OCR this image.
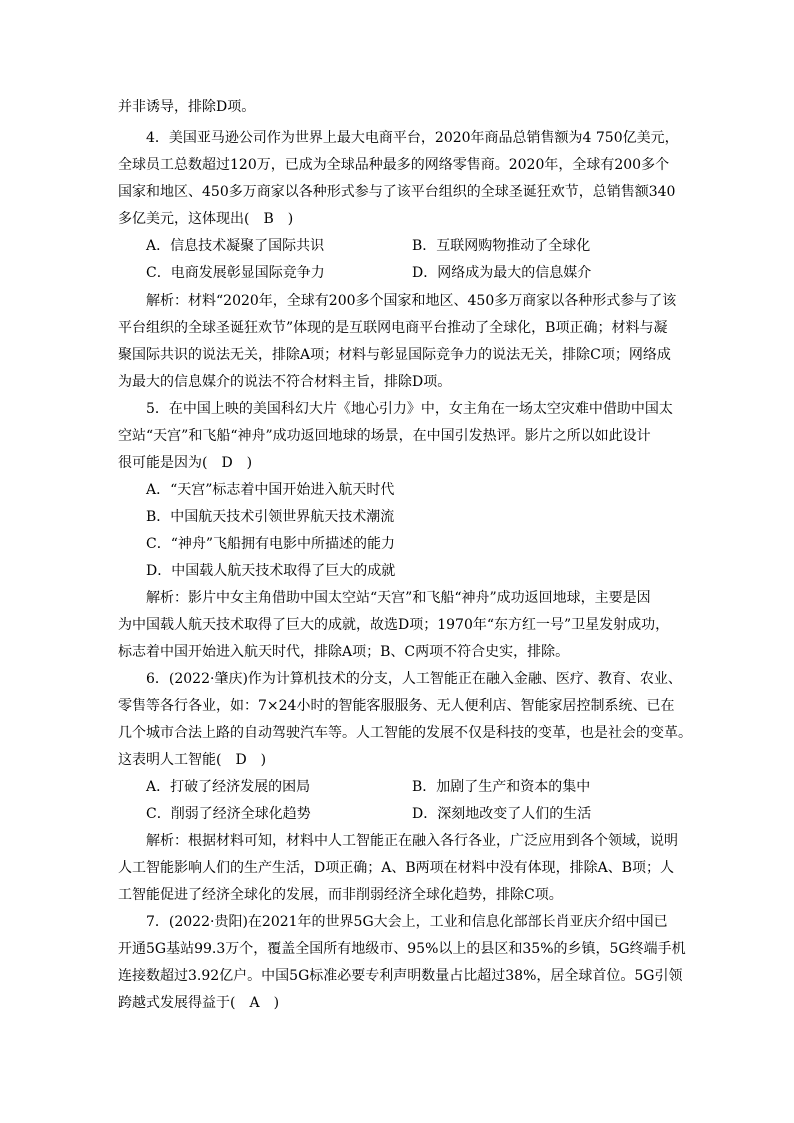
并非诱导，排除D项。
4．美国亚马逊公司作为世界上最大电商平台，2020年商品总销售额为4 750亿美元，
全球员工总数超过120万，已成为全球品种最多的网络零售商。2020年，全球有200多个
国家和地区、450多万商家以各种形式参与了该平台组织的全球圣诞狂欢节，总销售额340
多亿美元，这体现出(　B　)
A．信息技术凝聚了国际共识	B．互联网购物推动了全球化
C．电商发展彰显国际竞争力	D．网络成为最大的信息媒介
解析：材料“2020年，全球有200多个国家和地区、450多万商家以各种形式参与了该
平台组织的全球圣诞狂欢节”体现的是互联网电商平台推动了全球化，B项正确；材料与凝
聚国际共识的说法无关，排除A项；材料与彰显国际竞争力的说法无关，排除C项；网络成
为最大的信息媒介的说法不符合材料主旨，排除D项。
5．在中国上映的美国科幻大片《地心引力》中，女主角在一场太空灾难中借助中国太
空站“天宫”和飞船“神舟”成功返回地球的场景，在中国引发热评。影片之所以如此设计
很可能是因为(　D　)
A．“天宫”标志着中国开始进入航天时代
B．中国航天技术引领世界航天技术潮流
C．“神舟”飞船拥有电影中所描述的能力
D．中国载人航天技术取得了巨大的成就
解析：影片中女主角借助中国太空站“天宫”和飞船“神舟”成功返回地球，主要是因
为中国载人航天技术取得了巨大的成就，故选D项；1970年“东方红一号”卫星发射成功，
标志着中国开始进入航天时代，排除A项；B、C两项不符合史实，排除。
6．(2022·肇庆)作为计算机技术的分支，人工智能正在融入金融、医疗、教育、农业、
零售等各行各业，如：7×24小时的智能客服服务、无人便利店、智能家居控制系统、已在
几个城市合法上路的自动驾驶汽车等。人工智能的发展不仅是科技的变革，也是社会的变革。
这表明人工智能(　D　)
A．打破了经济发展的困局	B．加剧了生产和资本的集中
C．削弱了经济全球化趋势	D．深刻地改变了人们的生活
解析：根据材料可知，材料中人工智能正在融入各行各业，广泛应用到各个领域，说明
人工智能影响人们的生产生活，D项正确；A、B两项在材料中没有体现，排除A、B项；人
工智能促进了经济全球化的发展，而非削弱经济全球化趋势，排除C项。
7．(2022·贵阳)在2021年的世界5G大会上，工业和信息化部部长肖亚庆介绍中国已
开通5G基站99.3万个，覆盖全国所有地级市、95%以上的县区和35%的乡镇，5G终端手机
连接数超过3.92亿户。中国5G标准必要专利声明数量占比超过38%，居全球首位。5G引领
跨越式发展得益于(　A　)
